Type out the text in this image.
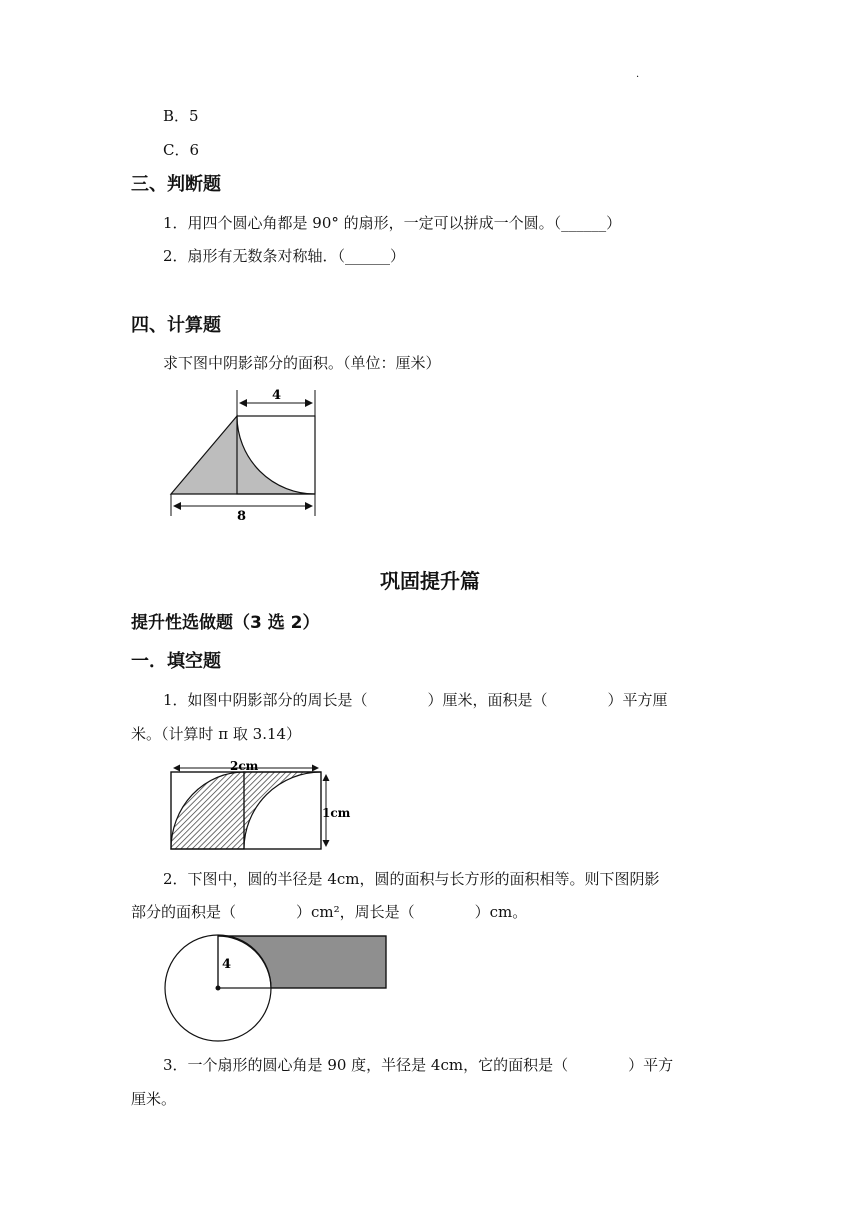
·
B．5
C．6
三、判断题
1．用四个圆心角都是 90° 的扇形，一定可以拼成一个圆。（______）
2．扇形有无数条对称轴．（______）
四、计算题
求下图中阴影部分的面积。（单位：厘米）
4
8
巩固提升篇
提升性选做题（3 选 2）
一．填空题
1．如图中阴影部分的周长是（　　　　）厘米，面积是（　　　　）平方厘
米。（计算时 π 取 3.14）
2cm
1cm
2．下图中，圆的半径是 4cm，圆的面积与长方形的面积相等。则下图阴影
部分的面积是（　　　　）cm²，周长是（　　　　）cm。
4
3．一个扇形的圆心角是 90 度，半径是 4cm，它的面积是（　　　　）平方
厘米。
